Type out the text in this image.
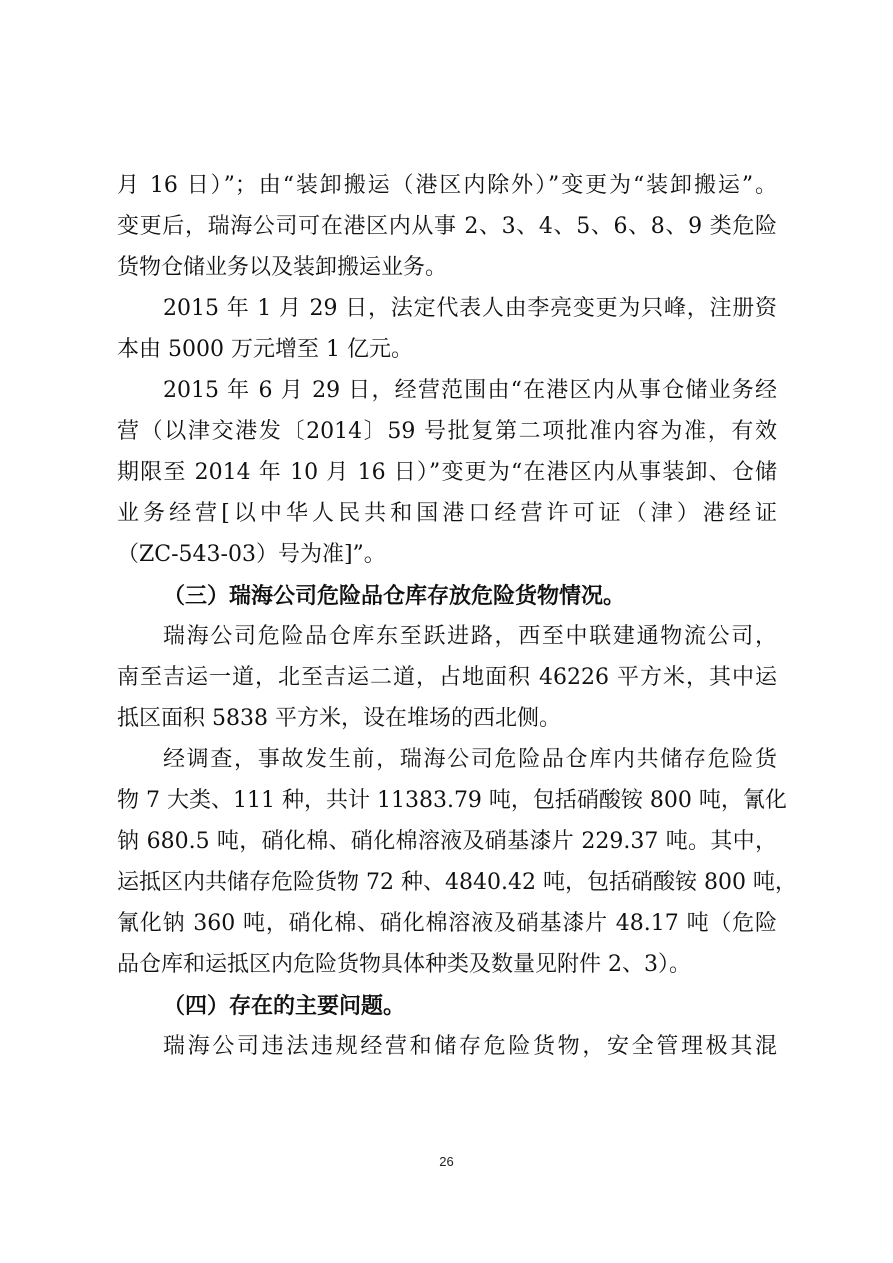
月 16 日）”；由“装卸搬运（港区内除外）”变更为“装卸搬运”。
变更后，瑞海公司可在港区内从事 2、3、4、5、6、8、9 类危险
货物仓储业务以及装卸搬运业务。
2015 年 1 月 29 日，法定代表人由李亮变更为只峰，注册资
本由 5000 万元增至 1 亿元。
2015 年 6 月 29 日，经营范围由“在港区内从事仓储业务经
营（以津交港发〔2014〕59 号批复第二项批准内容为准，有效
期限至 2014 年 10 月 16 日）”变更为“在港区内从事装卸、仓储
业务经营[以中华人民共和国港口经营许可证（津）港经证
（ZC-543-03）号为准]”。
（三）瑞海公司危险品仓库存放危险货物情况。
瑞海公司危险品仓库东至跃进路，西至中联建通物流公司，
南至吉运一道，北至吉运二道，占地面积 46226 平方米，其中运
抵区面积 5838 平方米，设在堆场的西北侧。
经调查，事故发生前，瑞海公司危险品仓库内共储存危险货
物 7 大类、111 种，共计 11383.79 吨，包括硝酸铵 800 吨，氰化
钠 680.5 吨，硝化棉、硝化棉溶液及硝基漆片 229.37 吨。其中，
运抵区内共储存危险货物 72 种、4840.42 吨，包括硝酸铵 800 吨，
氰化钠 360 吨，硝化棉、硝化棉溶液及硝基漆片 48.17 吨（危险
品仓库和运抵区内危险货物具体种类及数量见附件 2、3）。
（四）存在的主要问题。
瑞海公司违法违规经营和储存危险货物，安全管理极其混
26
